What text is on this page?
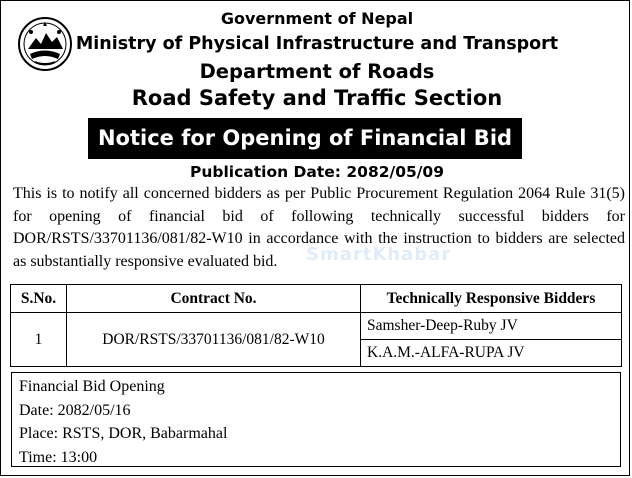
Government of Nepal
Ministry of Physical Infrastructure and Transport
Department of Roads
Road Safety and Traffic Section
Notice for Opening of Financial Bid
Publication Date: 2082/05/09
This is to notify all concerned bidders as per Public Procurement Regulation 2064 Rule 31(5) for opening of financial bid of following technically successful bidders for DOR/RSTS/33701136/081/82-W10 in accordance with the instruction to bidders are selected as substantially responsive evaluated bid.	SmartKhabar
S.No.	Contract No.	Technically Responsive Bidders
1	DOR/RSTS/33701136/081/82-W10	Samsher-Deep-Ruby JV
		K.A.M.-ALFA-RUPA JV
Financial Bid Opening
Date: 2082/05/16
Place: RSTS, DOR, Babarmahal
Time: 13:00
